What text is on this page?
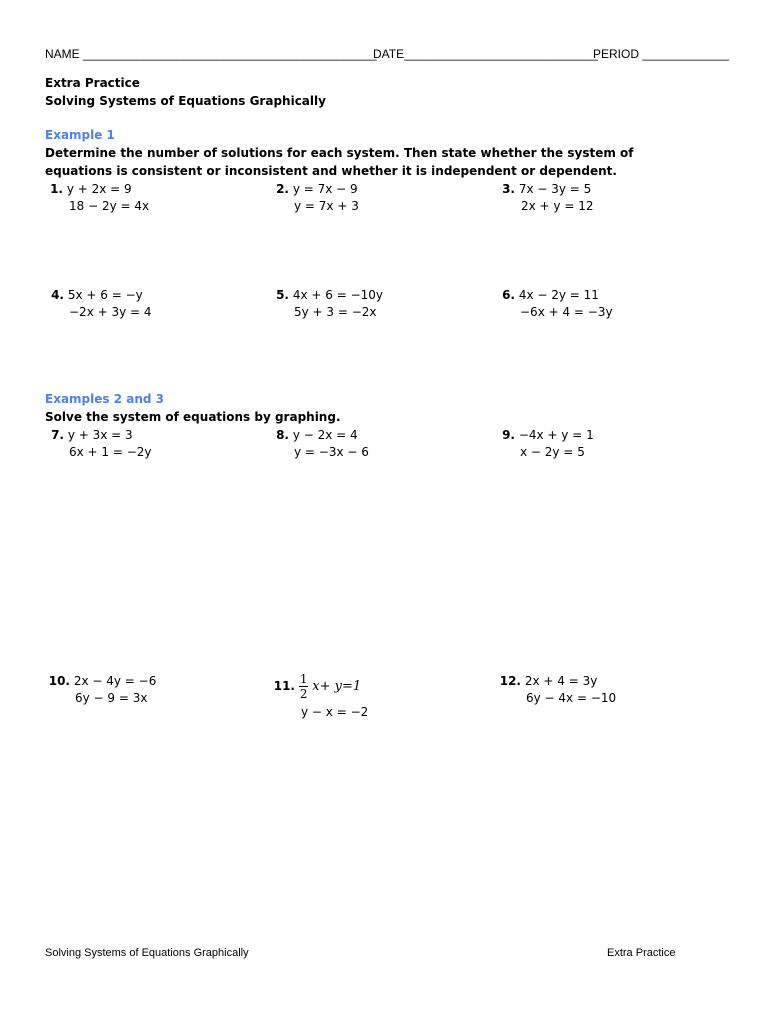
NAME ____________________________________________
DATE_____________________________
PERIOD _____________
Extra Practice
Solving Systems of Equations Graphically
Example 1
Determine the number of solutions for each system. Then state whether the system of
equations is consistent or inconsistent and whether it is independent or dependent.
1. y + 2x = 9
18 − 2y = 4x
2. y = 7x − 9
y = 7x + 3
3. 7x − 3y = 5
2x + y = 12
4. 5x + 6 = −y
−2x + 3y = 4
5. 4x + 6 = −10y
5y + 3 = −2x
6. 4x − 2y = 11
−6x + 4 = −3y
Examples 2 and 3
Solve the system of equations by graphing.
7. y + 3x = 3
6x + 1 = −2y
8. y − 2x = 4
y = −3x − 6
9. −4x + y = 1
x − 2y = 5
10. 2x − 4y = −6
6y − 9 = 3x
11. $\frac{1}{2} x+ y=1$
y − x = −2
12. 2x + 4 = 3y
6y − 4x = −10
Solving Systems of Equations Graphically	Extra Practice
